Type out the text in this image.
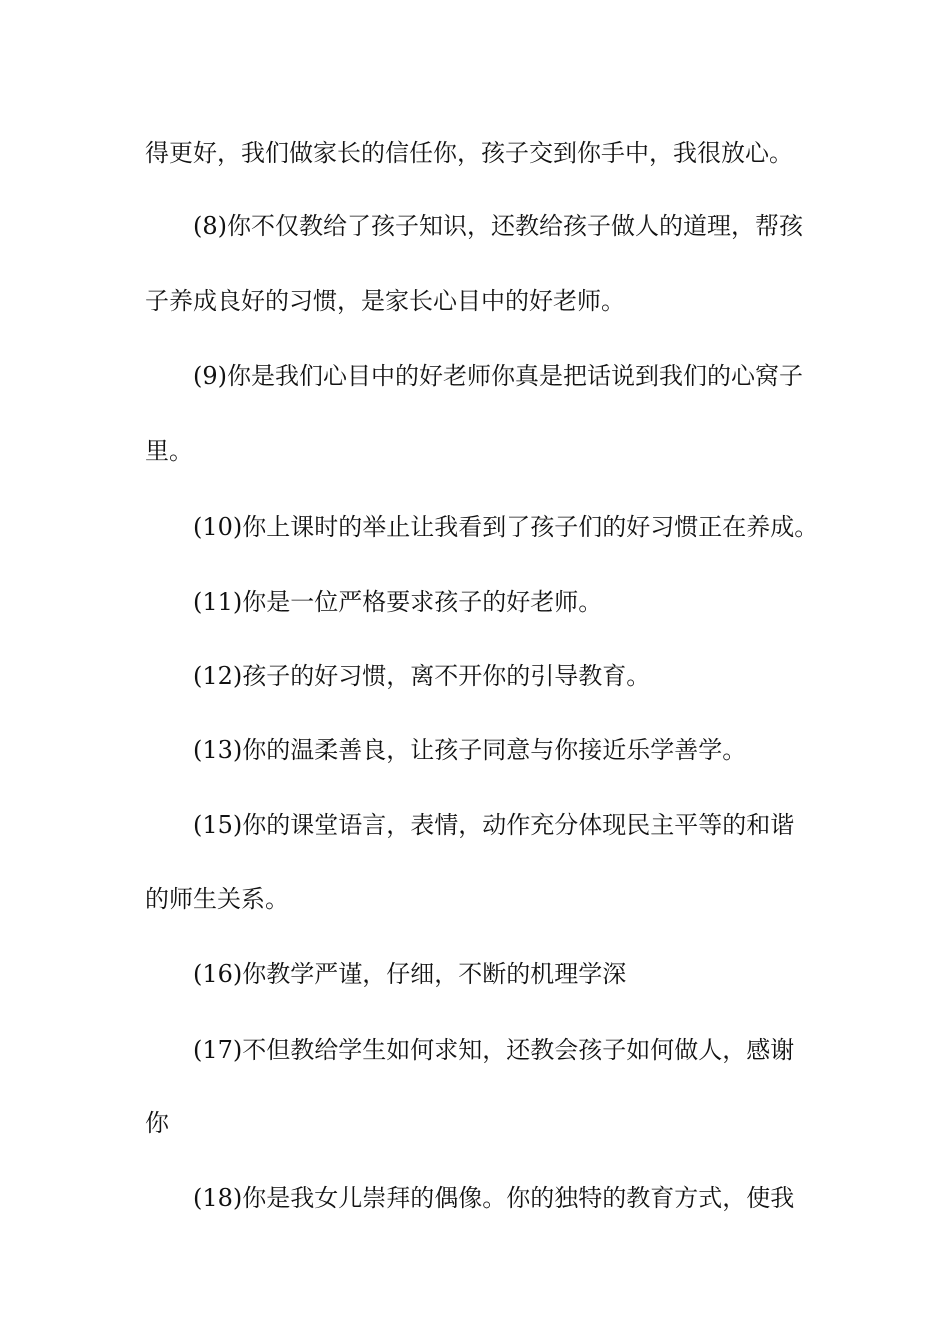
得更好，我们做家长的信任你，孩子交到你手中，我很放心。
(8)你不仅教给了孩子知识，还教给孩子做人的道理，帮孩
子养成良好的习惯，是家长心目中的好老师。
(9)你是我们心目中的好老师你真是把话说到我们的心窝子
里。
(10)你上课时的举止让我看到了孩子们的好习惯正在养成。
(11)你是一位严格要求孩子的好老师。
(12)孩子的好习惯，离不开你的引导教育。
(13)你的温柔善良，让孩子同意与你接近乐学善学。
(15)你的课堂语言，表情，动作充分体现民主平等的和谐
的师生关系。
(16)你教学严谨，仔细，不断的机理学深
(17)不但教给学生如何求知，还教会孩子如何做人，感谢
你
(18)你是我女儿崇拜的偶像。你的独特的教育方式，使我
